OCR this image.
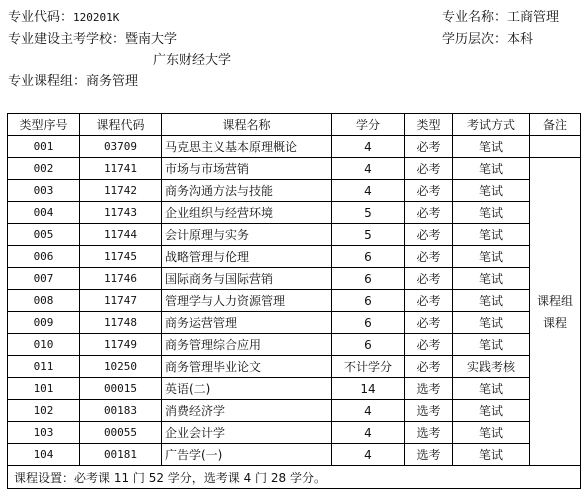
专业代码：120201K	专业名称：工商管理
专业建设主考学校：暨南大学
广东财经大学
学历层次：本科
专业课程组：商务管理
类型序号	课程代码	课程名称	学分	类型	考试方式	备注	
001	03709	马克思主义基本原理概论	4	必考	笔试		
002	11741	市场与市场营销	4	必考	笔试	课程组
课程	
003	11742	商务沟通方法与技能	4	必考	笔试		
004	11743	企业组织与经营环境	5	必考	笔试		
005	11744	会计原理与实务	5	必考	笔试		
006	11745	战略管理与伦理	6	必考	笔试		
007	11746	国际商务与国际营销	6	必考	笔试		
008	11747	管理学与人力资源管理	6	必考	笔试		
009	11748	商务运营管理	6	必考	笔试		
010	11749	商务管理综合应用	6	必考	笔试		
011	10250	商务管理毕业论文	不计学分	必考	实践考核		
101	00015	英语(二)	14	选考	笔试		
102	00183	消费经济学	4	选考	笔试		
103	00055	企业会计学	4	选考	笔试		
104	00181	广告学(一)	4	选考	笔试		
课程设置：必考课 11 门 52 学分，选考课 4 门 28 学分。							
